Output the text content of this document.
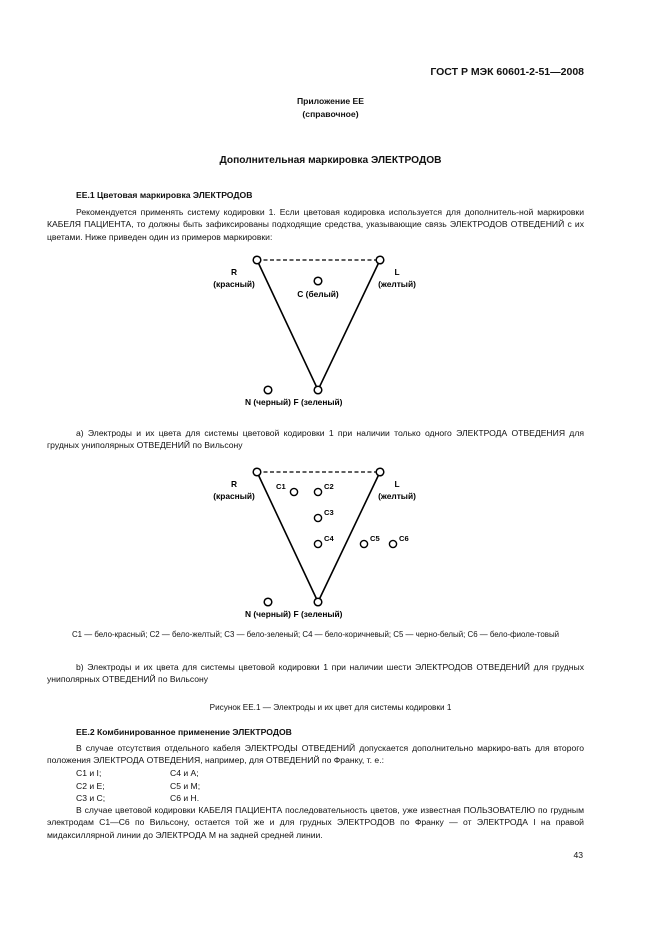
ГОСТ Р МЭК 60601-2-51—2008
Приложение ЕЕ
(справочное)
Дополнительная маркировка ЭЛЕКТРОДОВ
ЕЕ.1 Цветовая маркировка ЭЛЕКТРОДОВ
Рекомендуется применять систему кодировки 1. Если цветовая кодировка используется для дополнитель-ной маркировки КАБЕЛЯ ПАЦИЕНТА, то должны быть зафиксированы подходящие средства, указывающие связь ЭЛЕКТРОДОВ ОТВЕДЕНИЙ с их цветами. Ниже приведен один из примеров маркировки:
R
(красный)
L
(желтый)
C (белый)
N (черный) F (зеленый)
a) Электроды и их цвета для системы цветовой кодировки 1 при наличии только одного ЭЛЕКТРОДА ОТВЕДЕНИЯ для грудных униполярных ОТВЕДЕНИЙ по Вильсону
R
(красный)
L
(желтый)
C1	C2
C3
C4	C5	C6
N (черный) F (зеленый)
С1 — бело-красный; С2 — бело-желтый; С3 — бело-зеленый; С4 — бело-коричневый; С5 — черно-белый; С6 — бело-фиоле-товый
b) Электроды и их цвета для системы цветовой кодировки 1 при наличии шести ЭЛЕКТРОДОВ ОТВЕДЕНИЙ для грудных униполярных ОТВЕДЕНИЙ по Вильсону
Рисунок ЕЕ.1 — Электроды и их цвет для системы кодировки 1
ЕЕ.2 Комбинированное применение ЭЛЕКТРОДОВ
В случае отсутствия отдельного кабеля ЭЛЕКТРОДЫ ОТВЕДЕНИЙ допускается дополнительно маркиро-вать для второго положения ЭЛЕКТРОДА ОТВЕДЕНИЯ, например, для ОТВЕДЕНИЙ по Франку, т. е.:
С1 и I;	С4 и А;
С2 и Е;	С5 и М;
С3 и С;	С6 и Н.
В случае цветовой кодировки КАБЕЛЯ ПАЦИЕНТА последовательность цветов, уже известная ПОЛЬЗОВАТЕЛЮ по грудным электродам С1—С6 по Вильсону, остается той же и для грудных ЭЛЕКТРОДОВ по Франку — от ЭЛЕКТРОДА I на правой мидаксиллярной линии до ЭЛЕКТРОДА М на задней средней линии.
43
